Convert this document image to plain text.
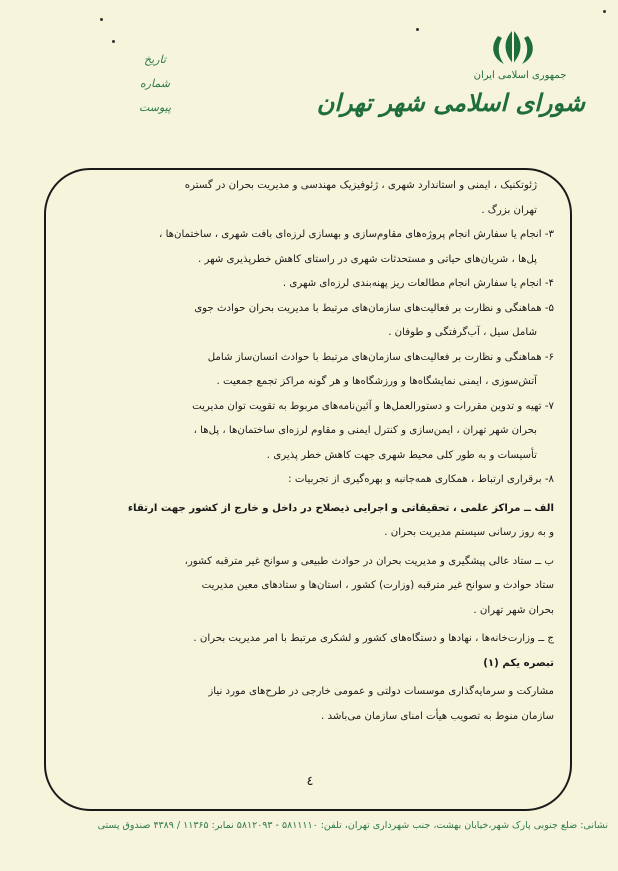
جمهوری اسلامی ایران
شورای اسلامی شهر تهران
تاریخ
شماره
پیوست
ژئوتکنیک ، ایمنی و استاندارد شهری ، ژئوفیزیک مهندسی و مدیریت بحران در گستره
تهران بزرگ .
۳- انجام یا سفارش انجام پروژه‌های مقاوم‌سازی و بهسازی لرزه‌ای بافت شهری ، ساختمان‌ها ،
پل‌ها ، شریان‌های حیاتی و مستحدثات شهری در راستای کاهش خطرپذیری شهر .
۴- انجام یا سفارش انجام مطالعات ریز پهنه‌بندی لرزه‌ای شهری .
۵- هماهنگی و نظارت بر فعالیت‌های سازمان‌های مرتبط با مدیریت بحران حوادث جوی
شامل سیل ، آب‌گرفتگی و طوفان .
۶- هماهنگی و نظارت بر فعالیت‌های سازمان‌های مرتبط با حوادث انسان‌ساز شامل
آتش‌سوزی ، ایمنی نمایشگاه‌ها و ورزشگاه‌ها و هر گونه مراکز تجمع جمعیت .
۷- تهیه و تدوین مقررات و دستورالعمل‌ها و آئین‌نامه‌های مربوط به تقویت توان مدیریت
بحران شهر تهران ، ایمن‌سازی و کنترل ایمنی و مقاوم لرزه‌ای ساختمان‌ها ، پل‌ها ،
تأسیسات و به طور کلی محیط شهری جهت کاهش خطر پذیری .
۸- برقراری ارتباط ، همکاری همه‌جانبه و بهره‌گیری از تجربیات :
الف ــ مراکز علمی ، تحقیقاتی و اجرایی ذیصلاح در داخل و خارج از کشور جهت ارتقاء
و به روز رسانی سیستم مدیریت بحران .
ب ــ ستاد عالی پیشگیری و مدیریت بحران در حوادث طبیعی و سوانح غیر مترقبه کشور،
ستاد حوادث و سوانح غیر مترقبه (وزارت) کشور ، استان‌ها و ستادهای معین مدیریت
بحران شهر تهران .
ج ــ وزارت‌خانه‌ها ، نهادها و دستگاه‌های کشور و لشکری مرتبط با امر مدیریت بحران .
تبصره یکم (۱)
مشارکت و سرمایه‌گذاری موسسات دولتی و عمومی خارجی در طرح‌های مورد نیاز
سازمان منوط به تصویب هیأت امنای سازمان می‌باشد .
٤
نشانی: ضلع جنوبی پارک شهر،خیابان بهشت، جنب شهرداری تهران، تلفن: ۵۸۱۱۱۱۰ - ۵۸۱۲۰۹۳ نمابر: ۱۱۳۶۵ / ۴۳۸۹ صندوق پستی
